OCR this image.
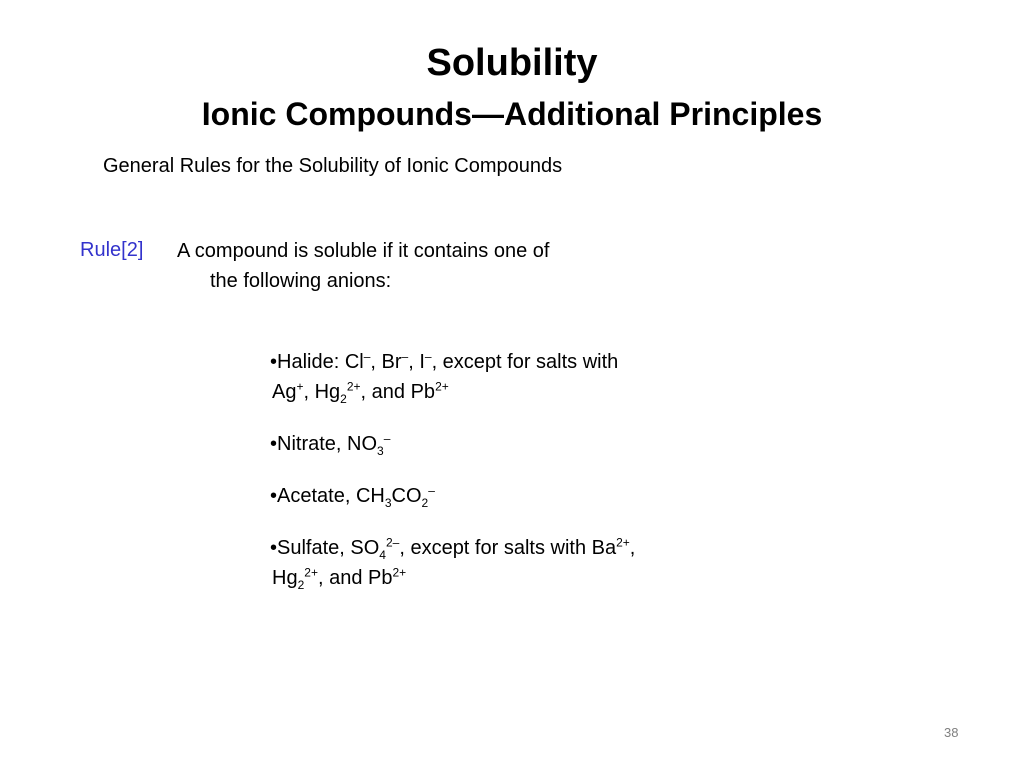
Solubility
Ionic Compounds—Additional Principles
General Rules for the Solubility of Ionic Compounds
Rule[2] A compound is soluble if it contains one of
the following anions:
•Halide: Cl–, Br–, I–, except for salts with
Ag+, $Hg_2^{2+}$, and $Pb^{2+}$
•Nitrate, $NO_3^-$
•Acetate, $CH_3CO_2^-$
•Sulfate, $SO_4^{2-}$, except for salts with $Ba^{2+}$,
$Hg_2^{2+}$, and $Pb^{2+}$
38
